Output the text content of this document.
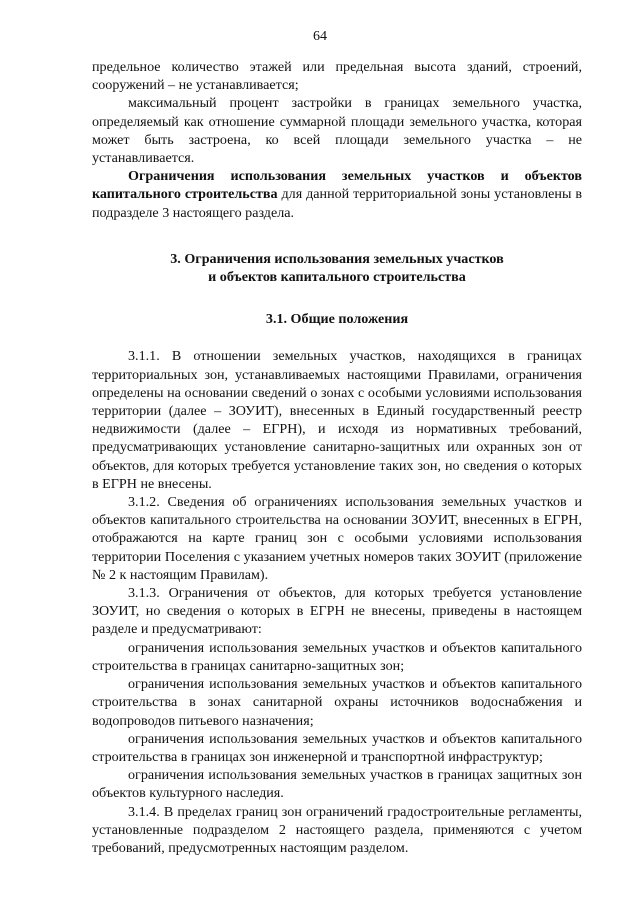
64

предельное количество этажей или предельная высота зданий, строений, сооружений – не устанавливается;

максимальный процент застройки в границах земельного участка, определяемый как отношение суммарной площади земельного участка, которая может быть застроена, ко всей площади земельного участка – не устанавливается.

Ограничения использования земельных участков и объектов капитального строительства для данной территориальной зоны установлены в подразделе 3 настоящего раздела.

3. Ограничения использования земельных участков

и объектов капитального строительства

3.1. Общие положения

3.1.1. В отношении земельных участков, находящихся в границах территориальных зон, устанавливаемых настоящими Правилами, ограничения определены на основании сведений о зонах с особыми условиями использования территории (далее – ЗОУИТ), внесенных в Единый государственный реестр недвижимости (далее – ЕГРН), и исходя из нормативных требований, предусматривающих установление санитарно-защитных или охранных зон от объектов, для которых требуется установление таких зон, но сведения о которых в ЕГРН не внесены.

3.1.2. Сведения об ограничениях использования земельных участков и объектов капитального строительства на основании ЗОУИТ, внесенных в ЕГРН, отображаются на карте границ зон с особыми условиями использования территории Поселения с указанием учетных номеров таких ЗОУИТ (приложение № 2 к настоящим Правилам).

3.1.3. Ограничения от объектов, для которых требуется установление ЗОУИТ, но сведения о которых в ЕГРН не внесены, приведены в настоящем разделе и предусматривают:

ограничения использования земельных участков и объектов капитального строительства в границах санитарно-защитных зон;

ограничения использования земельных участков и объектов капитального строительства в зонах санитарной охраны источников водоснабжения и водопроводов питьевого назначения;

ограничения использования земельных участков и объектов капитального строительства в границах зон инженерной и транспортной инфраструктур;

ограничения использования земельных участков в границах защитных зон объектов культурного наследия.

3.1.4. В пределах границ зон ограничений градостроительные регламенты, установленные подразделом 2 настоящего раздела, применяются с учетом требований, предусмотренных настоящим разделом.
